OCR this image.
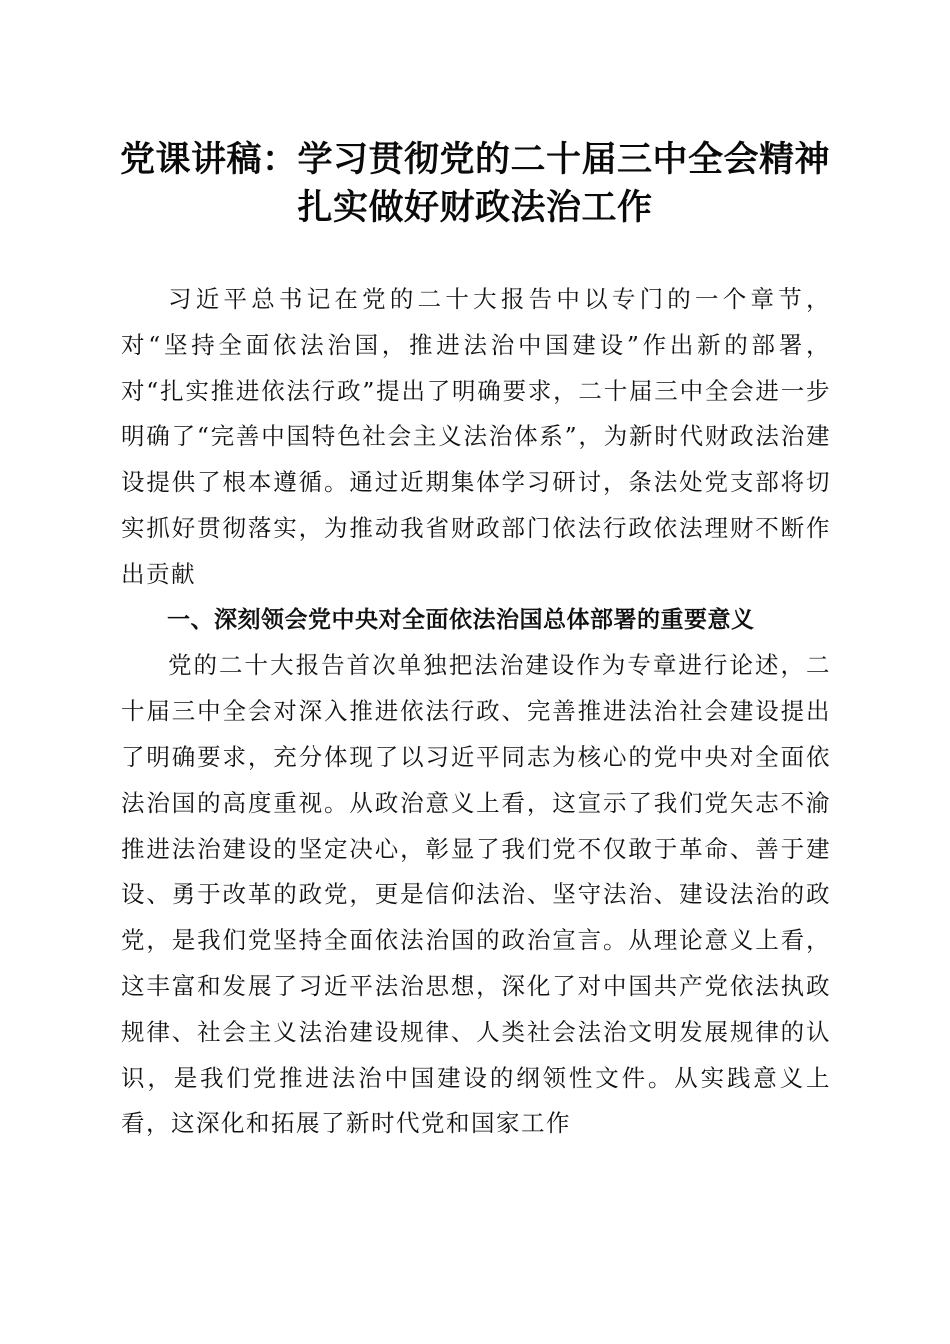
党课讲稿：学习贯彻党的二十届三中全会精神
扎实做好财政法治工作

习近平总书记在党的二十大报告中以专门的一个章节，对“坚持全面依法治国，推进法治中国建设”作出新的部署，对“扎实推进依法行政”提出了明确要求，二十届三中全会进一步明确了“完善中国特色社会主义法治体系”，为新时代财政法治建设提供了根本遵循。通过近期集体学习研讨，条法处党支部将切实抓好贯彻落实，为推动我省财政部门依法行政依法理财不断作出贡献

一、深刻领会党中央对全面依法治国总体部署的重要意义

党的二十大报告首次单独把法治建设作为专章进行论述，二十届三中全会对深入推进依法行政、完善推进法治社会建设提出了明确要求，充分体现了以习近平同志为核心的党中央对全面依法治国的高度重视。从政治意义上看，这宣示了我们党矢志不渝推进法治建设的坚定决心，彰显了我们党不仅敢于革命、善于建设、勇于改革的政党，更是信仰法治、坚守法治、建设法治的政党，是我们党坚持全面依法治国的政治宣言。从理论意义上看，这丰富和发展了习近平法治思想，深化了对中国共产党依法执政规律、社会主义法治建设规律、人类社会法治文明发展规律的认识，是我们党推进法治中国建设的纲领性文件。从实践意义上看，这深化和拓展了新时代党和国家工作
